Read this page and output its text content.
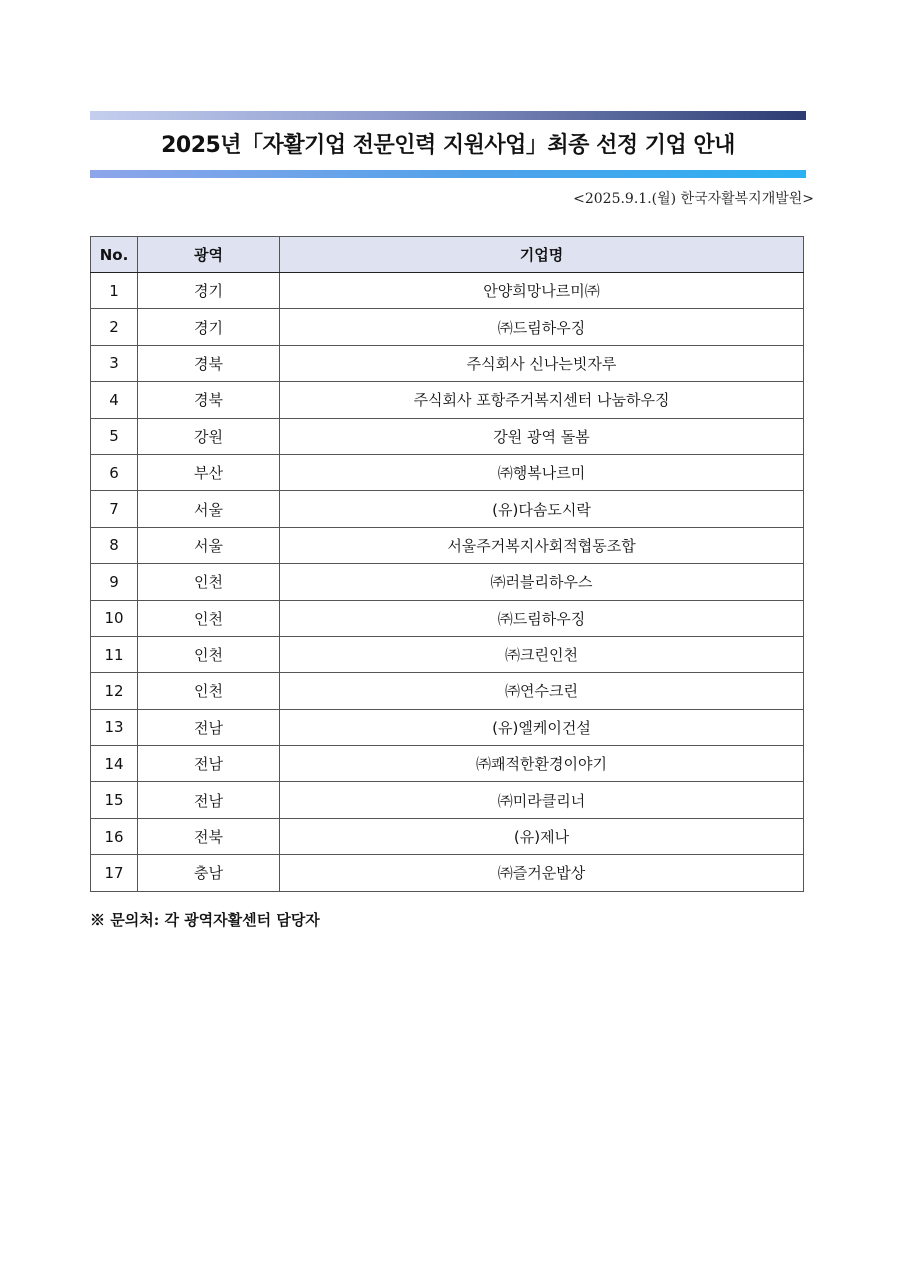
2025년「자활기업 전문인력 지원사업」최종 선정 기업 안내
<2025.9.1.(월) 한국자활복지개발원>
No.	광역	기업명
1	경기	안양희망나르미㈜
2	경기	㈜드림하우징
3	경북	주식회사 신나는빗자루
4	경북	주식회사 포항주거복지센터 나눔하우징
5	강원	강원 광역 돌봄
6	부산	㈜행복나르미
7	서울	(유)다솜도시락
8	서울	서울주거복지사회적협동조합
9	인천	㈜러블리하우스
10	인천	㈜드림하우징
11	인천	㈜크린인천
12	인천	㈜연수크린
13	전남	(유)엘케이건설
14	전남	㈜쾌적한환경이야기
15	전남	㈜미라클리너
16	전북	(유)제나
17	충남	㈜즐거운밥상
※ 문의처: 각 광역자활센터 담당자
